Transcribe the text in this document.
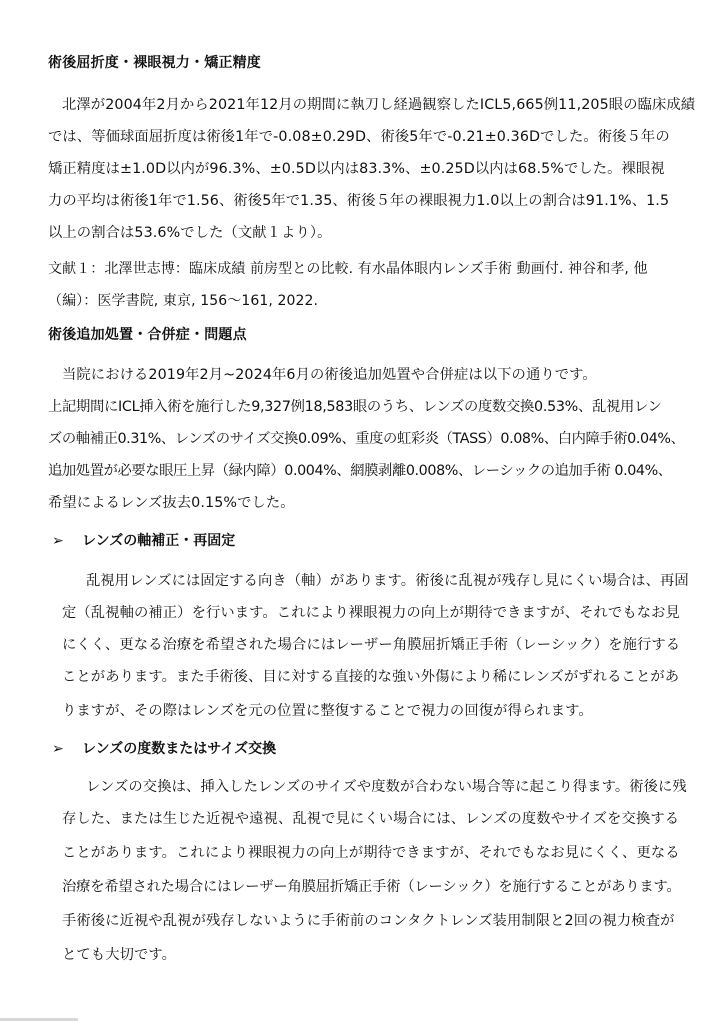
術後屈折度・裸眼視力・矯正精度
北澤が2004年2月から2021年12月の期間に執刀し経過観察したICL5,665例11,205眼の臨床成績
では、等価球面屈折度は術後1年で-0.08±0.29D、術後5年で-0.21±0.36Dでした。術後５年の
矯正精度は±1.0D以内が96.3%、±0.5D以内は83.3%、±0.25D以内は68.5%でした。裸眼視
力の平均は術後1年で1.56、術後5年で1.35、術後５年の裸眼視力1.0以上の割合は91.1%、1.5
以上の割合は53.6%でした（文献１より）。
文献１：北澤世志博：臨床成績 前房型との比較. 有水晶体眼内レンズ手術 動画付. 神谷和孝, 他
（編）：医学書院, 東京, 156～161, 2022.
術後追加処置・合併症・問題点
当院における2019年2月~2024年6月の術後追加処置や合併症は以下の通りです。
上記期間にICL挿入術を施行した9,327例18,583眼のうち、レンズの度数交換0.53%、乱視用レン
ズの軸補正0.31%、レンズのサイズ交換0.09%、重度の虹彩炎（TASS）0.08%、白内障手術0.04%、
追加処置が必要な眼圧上昇（緑内障）0.004%、網膜剥離0.008%、レーシックの追加手術 0.04%、
希望によるレンズ抜去0.15%でした。
➢ レンズの軸補正・再固定
乱視用レンズには固定する向き（軸）があります。術後に乱視が残存し見にくい場合は、再固
定（乱視軸の補正）を行います。これにより裸眼視力の向上が期待できますが、それでもなお見
にくく、更なる治療を希望された場合にはレーザー角膜屈折矯正手術（レーシック）を施行する
ことがあります。また手術後、目に対する直接的な強い外傷により稀にレンズがずれることがあ
りますが、その際はレンズを元の位置に整復することで視力の回復が得られます。
➢ レンズの度数またはサイズ交換
レンズの交換は、挿入したレンズのサイズや度数が合わない場合等に起こり得ます。術後に残
存した、または生じた近視や遠視、乱視で見にくい場合には、レンズの度数やサイズを交換する
ことがあります。これにより裸眼視力の向上が期待できますが、それでもなお見にくく、更なる
治療を希望された場合にはレーザー角膜屈折矯正手術（レーシック）を施行することがあります。
手術後に近視や乱視が残存しないように手術前のコンタクトレンズ装用制限と2回の視力検査が
とても大切です。
